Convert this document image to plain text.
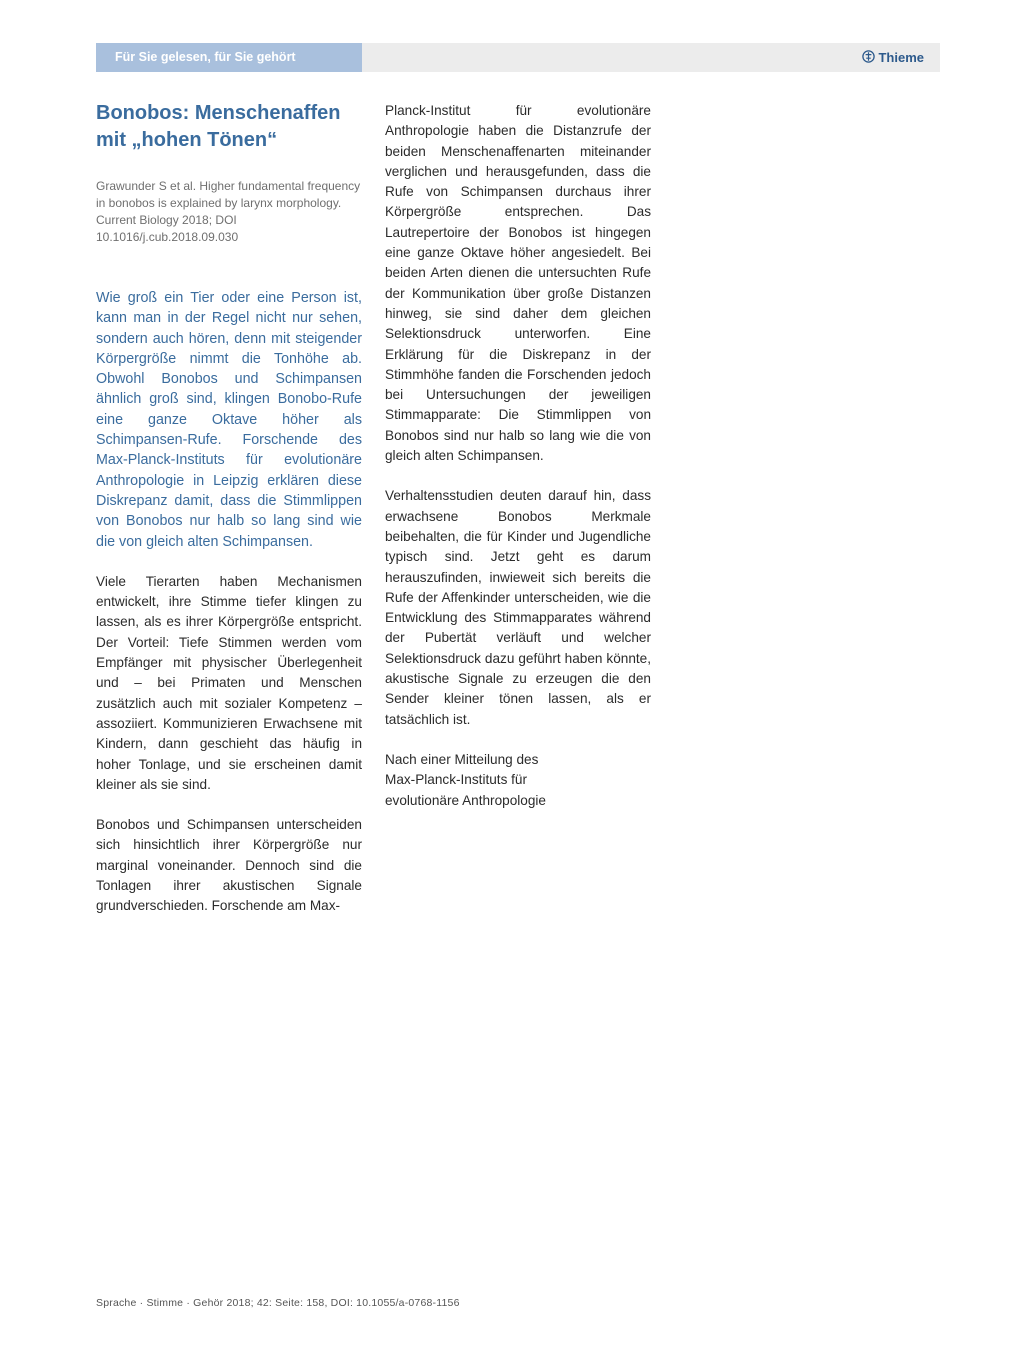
Für Sie gelesen, für Sie gehört	Thieme
Bonobos: Menschenaffen mit „hohen Tönen“

Grawunder S et al. Higher fundamental frequency in bonobos is explained by larynx morphology. Current Biology 2018; DOI 10.1016/j.cub.2018.09.030

Wie groß ein Tier oder eine Person ist, kann man in der Regel nicht nur sehen, sondern auch hören, denn mit steigender Körpergröße nimmt die Tonhöhe ab. Obwohl Bonobos und Schimpansen ähnlich groß sind, klingen Bonobo-Rufe eine ganze Oktave höher als Schimpansen-Rufe. Forschende des Max-Planck-Instituts für evolutionäre Anthropologie in Leipzig erklären diese Diskrepanz damit, dass die Stimmlippen von Bonobos nur halb so lang sind wie die von gleich alten Schimpansen.

Viele Tierarten haben Mechanismen entwickelt, ihre Stimme tiefer klingen zu lassen, als es ihrer Körpergröße entspricht. Der Vorteil: Tiefe Stimmen werden vom Empfänger mit physischer Überlegenheit und – bei Primaten und Menschen zusätzlich auch mit sozialer Kompetenz – assoziiert. Kommunizieren Erwachsene mit Kindern, dann geschieht das häufig in hoher Tonlage, und sie erscheinen damit kleiner als sie sind.

Bonobos und Schimpansen unterscheiden sich hinsichtlich ihrer Körpergröße nur marginal voneinander. Dennoch sind die Tonlagen ihrer akustischen Signale grundverschieden. Forschende am Max-

Planck-Institut für evolutionäre Anthropologie haben die Distanzrufe der beiden Menschenaffenarten miteinander verglichen und herausgefunden, dass die Rufe von Schimpansen durchaus ihrer Körpergröße entsprechen. Das Lautrepertoire der Bonobos ist hingegen eine ganze Oktave höher angesiedelt. Bei beiden Arten dienen die untersuchten Rufe der Kommunikation über große Distanzen hinweg, sie sind daher dem gleichen Selektionsdruck unterworfen. Eine Erklärung für die Diskrepanz in der Stimmhöhe fanden die Forschenden jedoch bei Untersuchungen der jeweiligen Stimmapparate: Die Stimmlippen von Bonobos sind nur halb so lang wie die von gleich alten Schimpansen.

Verhaltensstudien deuten darauf hin, dass erwachsene Bonobos Merkmale beibehalten, die für Kinder und Jugendliche typisch sind. Jetzt geht es darum herauszufinden, inwieweit sich bereits die Rufe der Affenkinder unterscheiden, wie die Entwicklung des Stimmapparates während der Pubertät verläuft und welcher Selektionsdruck dazu geführt haben könnte, akustische Signale zu erzeugen die den Sender kleiner tönen lassen, als er tatsächlich ist.

Nach einer Mitteilung des
Max-Planck-Instituts für
evolutionäre Anthropologie

Sprache · Stimme · Gehör 2018; 42: Seite: 158, DOI: 10.1055/a-0768-1156
